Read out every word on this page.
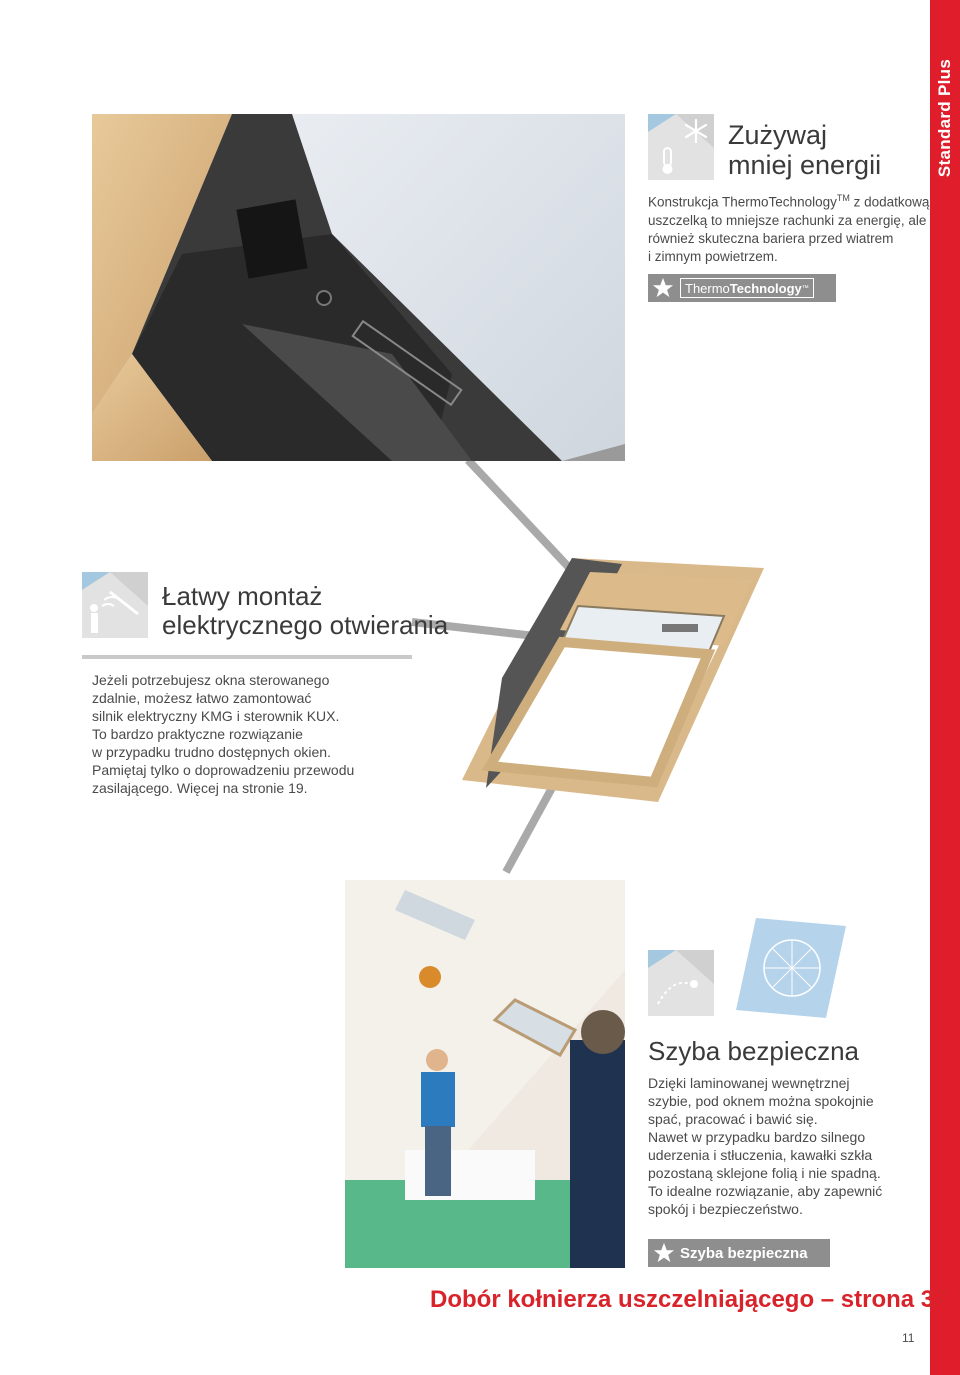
Standard Plus
Zużywaj
mniej energii
Konstrukcja ThermoTechnology™ z dodatkową
uszczelką to mniejsze rachunki za energię, ale
również skuteczna bariera przed wiatrem
i zimnym powietrzem.
Thermo Technology ™
Łatwy montaż
elektrycznego otwierania
Jeżeli potrzebujesz okna sterowanego
zdalnie, możesz łatwo zamontować
silnik elektryczny KMG i sterownik KUX.
To bardzo praktyczne rozwiązanie
w przypadku trudno dostępnych okien.
Pamiętaj tylko o doprowadzeniu przewodu
zasilającego. Więcej na stronie 19.
Szyba bezpieczna
Dzięki laminowanej wewnętrznej
szybie, pod oknem można spokojnie
spać, pracować i bawić się.
Nawet w przypadku bardzo silnego
uderzenia i stłuczenia, kawałki szkła
pozostaną sklejone folią i nie spadną.
To idealne rozwiązanie, aby zapewnić
spokój i bezpieczeństwo.
Szyba bezpieczna
Dobór kołnierza uszczelniającego – strona 37
11
